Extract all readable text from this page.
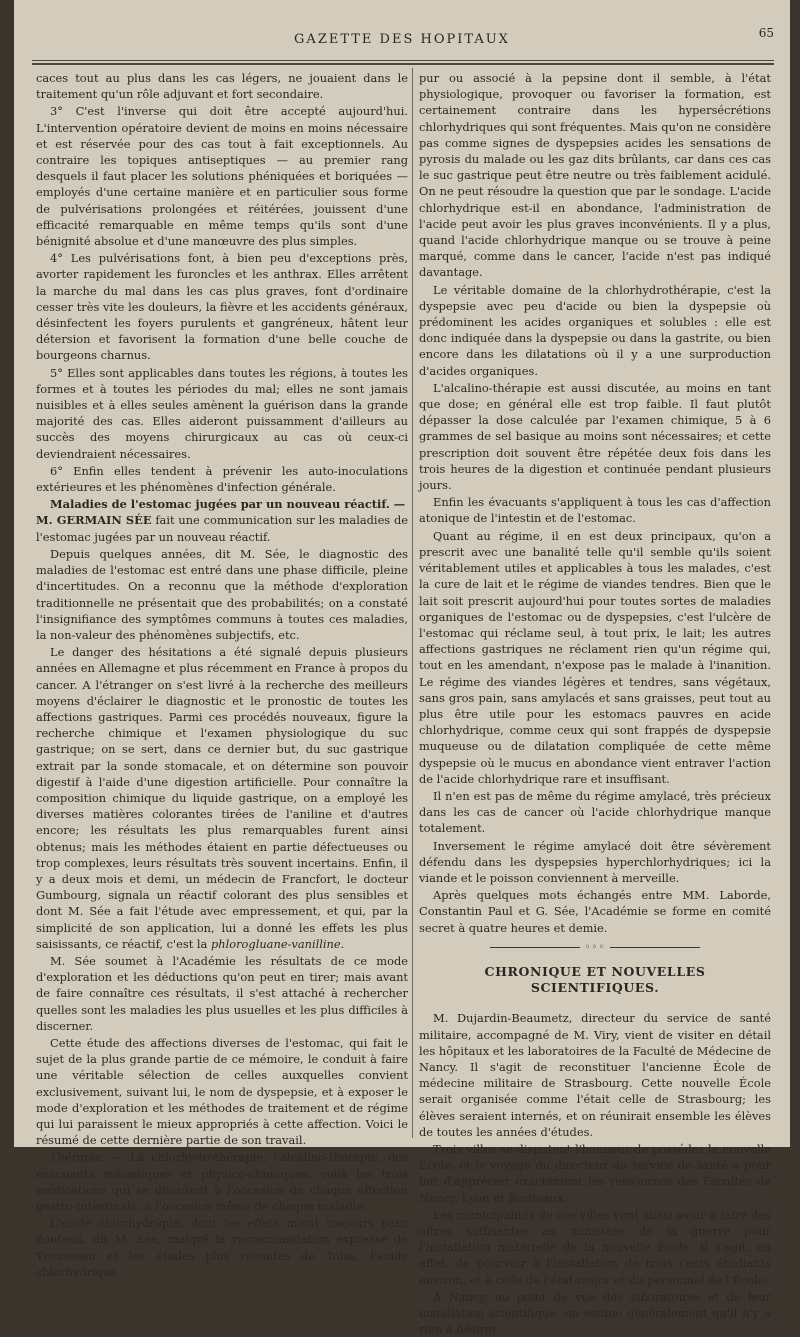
GAZETTE DES HOPITAUX	65

caces tout au plus dans les cas légers, ne jouaient dans le traitement qu'un rôle adjuvant et fort secondaire.

3° C'est l'inverse qui doit être accepté aujourd'hui. L'intervention opératoire devient de moins en moins nécessaire et est réservée pour des cas tout à fait exceptionnels. Au contraire les topiques antiseptiques — au premier rang desquels il faut placer les solutions phéniquées et boriquées — employés d'une certaine manière et en particulier sous forme de pulvérisations prolongées et réitérées, jouissent d'une efficacité remarquable en même temps qu'ils sont d'une bénignité absolue et d'une manœuvre des plus simples.

4° Les pulvérisations font, à bien peu d'exceptions près, avorter rapidement les furoncles et les anthrax. Elles arrêtent la marche du mal dans les cas plus graves, font d'ordinaire cesser très vite les douleurs, la fièvre et les accidents généraux, désinfectent les foyers purulents et gangréneux, hâtent leur détersion et favorisent la formation d'une belle couche de bourgeons charnus.

5° Elles sont applicables dans toutes les régions, à toutes les formes et à toutes les périodes du mal; elles ne sont jamais nuisibles et à elles seules amènent la guérison dans la grande majorité des cas. Elles aideront puissamment d'ailleurs au succès des moyens chirurgicaux au cas où ceux-ci deviendraient nécessaires.

6° Enfin elles tendent à prévenir les auto-inoculations extérieures et les phénomènes d'infection générale.

Maladies de l'estomac jugées par un nouveau réactif. —
M. GERMAIN SÉE fait une communication sur les maladies de l'estomac jugées par un nouveau réactif.

Depuis quelques années, dit M. Sée, le diagnostic des maladies de l'estomac est entré dans une phase difficile, pleine d'incertitudes. On a reconnu que la méthode d'exploration traditionnelle ne présentait que des probabilités; on a constaté l'insignifiance des symptômes communs à toutes ces maladies, la non-valeur des phénomènes subjectifs, etc.

Le danger des hésitations a été signalé depuis plusieurs années en Allemagne et plus récemment en France à propos du cancer. A l'étranger on s'est livré à la recherche des meilleurs moyens d'éclairer le diagnostic et le pronostic de toutes les affections gastriques. Parmi ces procédés nouveaux, figure la recherche chimique et l'examen physiologique du suc gastrique; on se sert, dans ce dernier but, du suc gastrique extrait par la sonde stomacale, et on détermine son pouvoir digestif à l'aide d'une digestion artificielle. Pour connaître la composition chimique du liquide gastrique, on a employé les diverses matières colorantes tirées de l'aniline et d'autres encore; les résultats les plus remarquables furent ainsi obtenus; mais les méthodes étaient en partie défectueuses ou trop complexes, leurs résultats très souvent incertains. Enfin, il y a deux mois et demi, un médecin de Francfort, le docteur Gumbourg, signala un réactif colorant des plus sensibles et dont M. Sée a fait l'étude avec empressement, et qui, par la simplicité de son application, lui a donné les effets les plus saisissants, ce réactif, c'est la phlorogluane-vanilline.

M. Sée soumet à l'Académie les résultats de ce mode d'exploration et les déductions qu'on peut en tirer; mais avant de faire connaître ces résultats, il s'est attaché à rechercher quelles sont les maladies les plus usuelles et les plus difficiles à discerner.

Cette étude des affections diverses de l'estomac, qui fait le sujet de la plus grande partie de ce mémoire, le conduit à faire une véritable sélection de celles auxquelles convient exclusivement, suivant lui, le nom de dyspepsie, et à exposer le mode d'exploration et les méthodes de traitement et de régime qui lui paraissent le mieux appropriés à cette affection. Voici le résumé de cette dernière partie de son travail.

Thérapie. — La chlorhydrothérapie, l'alcalino-thérapie, des évacuants mécaniques et physico-chimiques, voilà les trois médications qui se discutent à l'occasion de chaque affection gastro-intestinale, à l'occasion même de chaque maladie.

L'acide chlorhydrique, dont les effets m'ont toujours paru douteux, dit M. Sée, malgré la recommandation expresse de Trousseau et les études plus récentes de Tolsa, l'acide chlorhydrique

pur ou associé à la pepsine dont il semble, à l'état physiologique, provoquer ou favoriser la formation, est certainement contraire dans les hypersécrétions chlorhydriques qui sont fréquentes. Mais qu'on ne considère pas comme signes de dyspepsies acides les sensations de pyrosis du malade ou les gaz dits brûlants, car dans ces cas le suc gastrique peut être neutre ou très faiblement acidulé. On ne peut résoudre la question que par le sondage. L'acide chlorhydrique est-il en abondance, l'administration de l'acide peut avoir les plus graves inconvénients. Il y a plus, quand l'acide chlorhydrique manque ou se trouve à peine marqué, comme dans le cancer, l'acide n'est pas indiqué davantage.

Le véritable domaine de la chlorhydrothérapie, c'est la dyspepsie avec peu d'acide ou bien la dyspepsie où prédominent les acides organiques et solubles : elle est donc indiquée dans la dyspepsie ou dans la gastrite, ou bien encore dans les dilatations où il y a une surproduction d'acides organiques.

L'alcalino-thérapie est aussi discutée, au moins en tant que dose; en général elle est trop faible. Il faut plutôt dépasser la dose calculée par l'examen chimique, 5 à 6 grammes de sel basique au moins sont nécessaires; et cette prescription doit souvent être répétée deux fois dans les trois heures de la digestion et continuée pendant plusieurs jours.

Enfin les évacuants s'appliquent à tous les cas d'affection atonique de l'intestin et de l'estomac.

Quant au régime, il en est deux principaux, qu'on a prescrit avec une banalité telle qu'il semble qu'ils soient véritablement utiles et applicables à tous les malades, c'est la cure de lait et le régime de viandes tendres. Bien que le lait soit prescrit aujourd'hui pour toutes sortes de maladies organiques de l'estomac ou de dyspepsies, c'est l'ulcère de l'estomac qui réclame seul, à tout prix, le lait; les autres affections gastriques ne réclament rien qu'un régime qui, tout en les amendant, n'expose pas le malade à l'inanition. Le régime des viandes légères et tendres, sans végétaux, sans gros pain, sans amylacés et sans graisses, peut tout au plus être utile pour les estomacs pauvres en acide chlorhydrique, comme ceux qui sont frappés de dyspepsie muqueuse ou de dilatation compliquée de cette même dyspepsie où le mucus en abondance vient entraver l'action de l'acide chlorhydrique rare et insuffisant.

Il n'en est pas de même du régime amylacé, très précieux dans les cas de cancer où l'acide chlorhydrique manque totalement.

Inversement le régime amylacé doit être sévèrement défendu dans les dyspepsies hyperchlorhydriques; ici la viande et le poisson conviennent à merveille.

Après quelques mots échangés entre MM. Laborde, Constantin Paul et G. Sée, l'Académie se forme en comité secret à quatre heures et demie.

◦◦◦
CHRONIQUE ET NOUVELLES SCIENTIFIQUES.

M. Dujardin-Beaumetz, directeur du service de santé militaire, accompagné de M. Viry, vient de visiter en détail les hôpitaux et les laboratoires de la Faculté de Médecine de Nancy. Il s'agit de reconstituer l'ancienne École de médecine militaire de Strasbourg. Cette nouvelle École serait organisée comme l'était celle de Strasbourg; les élèves seraient internés, et on réunirait ensemble les élèves de toutes les années d'études.

Trois villes se disputent l'honneur de posséder la nouvelle École, et le voyage du directeur du service de santé a pour but d'apprécier exactement les ressources des Facultés de Nancy, Lyon et Bordeaux.

Les municipalités de ces villes vont aussi avoir à faire des offres suffisantes au ministère de la guerre pour l'installation matérielle de la nouvelle École. Il s'agit, en effet, de pourvoir à l'installation de trois cents étudiants environ, et à celle de l'état-major et du personnel de l'École.

A Nancy, au point de vue des laboratoires et de leur installation scientifique, on estime généralement qu'il n'y a rien à désirer.
